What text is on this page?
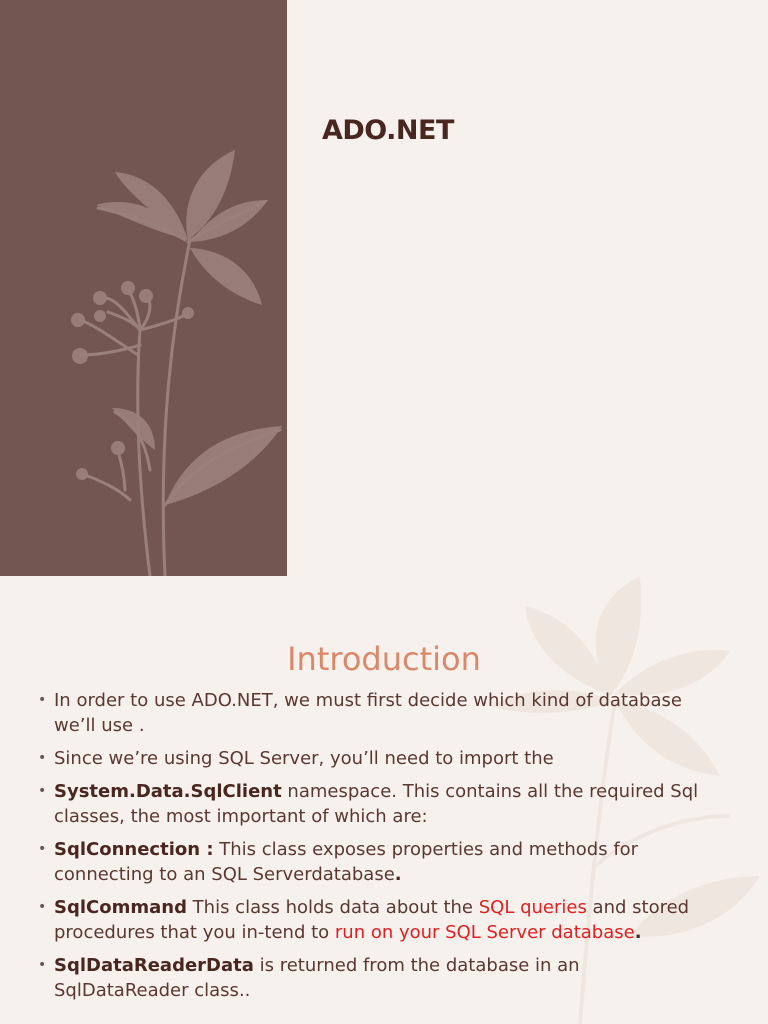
ADO.NET
Introduction
• In order to use ADO.NET, we must first decide which kind of database we’ll use .
• Since we’re using SQL Server, you’ll need to import the
• System.Data.SqlClient namespace. This contains all the required Sql classes, the most important of which are:
• SqlConnection : This class exposes properties and methods for connecting to an SQL Serverdatabase.
• SqlCommand This class holds data about the SQL queries and stored procedures that you in-tend to run on your SQL Server database.
• SqlDataReaderData is returned from the database in an SqlDataReader class..
